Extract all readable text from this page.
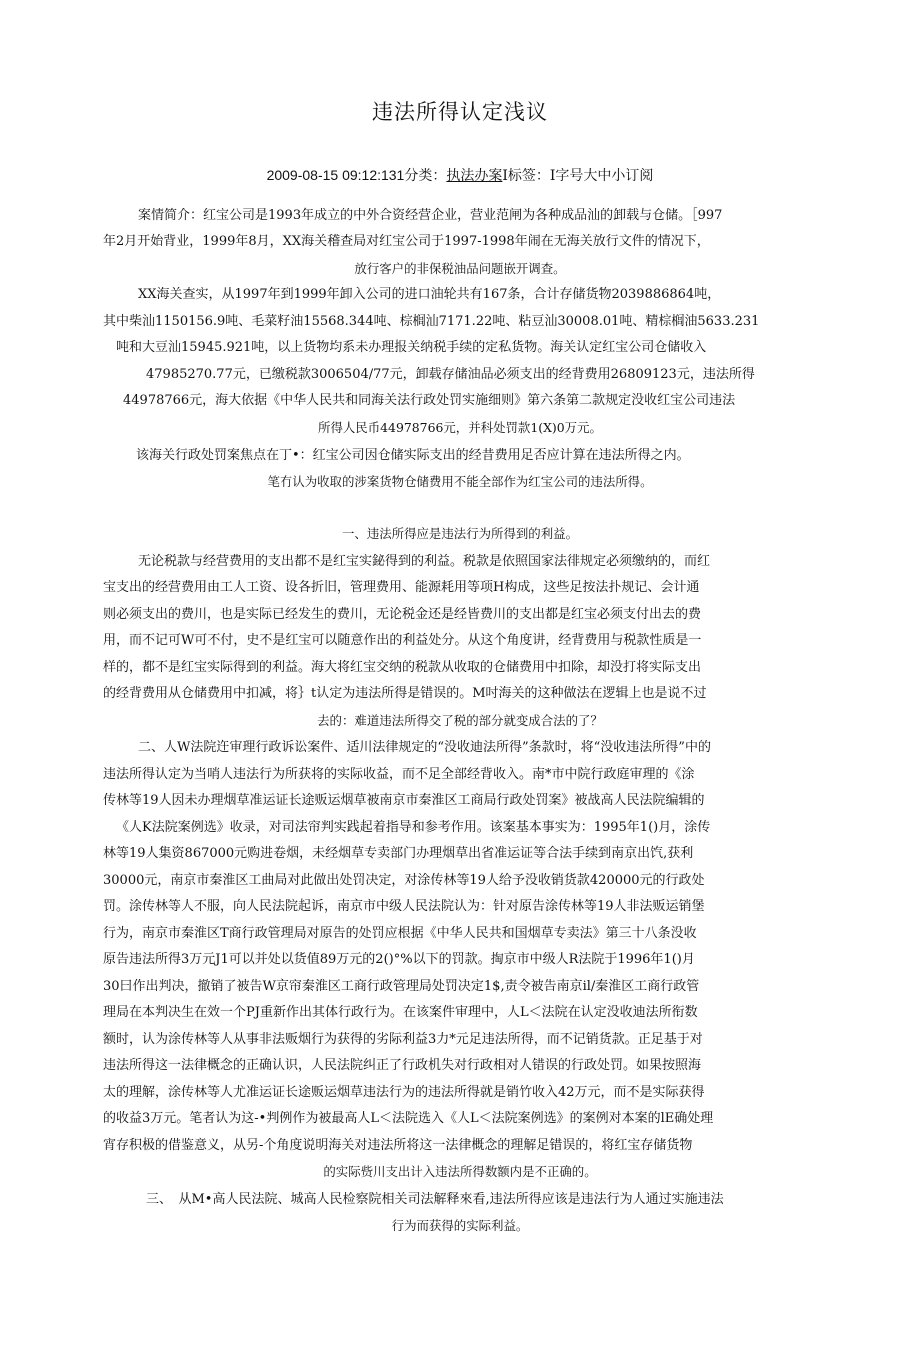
违法所得认定浅议
2009-08-15 09:12:131分类：执法办案I标签：I字号大中小订阅
案情简介：红宝公司是1993年成立的中外合资经营企业，营业范闸为各种成品汕的卸载与仓储。［997
年2月开始背业，1999年8月，XX海关稽查局对红宝公司于1997-1998年闹在无海关放行文件的情况下，
放行客户的非保税油品问题嵌开调查。
XX海关查实，从1997年到1999年卸入公司的进口油轮共有167条，合计存储货物2039886864吨，
其中柴汕1150156.9吨、毛菜籽油15568.344吨、棕榈汕7171.22吨、粘豆汕30008.01吨、精棕榈油5633.231
吨和大豆汕15945.921吨，以上货物均系未办理报关纳税手续的定私货物。海关认定红宝公司仓储收入
47985270.77元，已缴税款3006504/77元，卸载存储油品必须支出的经背费用26809123元，违法所得
44978766元，海大依据《中华人民共和同海关法行政处罚实施细则》第六条第二款规定没收红宝公司违法
所得人民币44978766元，并科处罚款1(X)0万元。
该海关行政处罚案焦点在丁•：红宝公司因仓储实际支出的经昔费用足否应计算在违法所得之内。
笔冇认为收取的涉案货物仓储费用不能全部作为红宝公司的违法所得。
一、违法所得应是违法行为所得到的利益。
无论税款与经营费用的支出都不是红宝实鉍得到的利益。税款是依照国家法徘规定必须缴纳的，而红
宝支出的经营费用由工人工资、设各折旧，管理费用、能源耗用等项H构成，这些足按法扑规记、会计通
则必须支出的费川，也是实际已经发生的费川，无论税金还是经皆费川的支出都是红宝必须支付出去的费
用，而不记可W可不付，史不是红宝可以随意作出的利益处分。从这个角度讲，经背费用与税款性质是一
样的，都不是红宝实际得到的利益。海大将红宝交纳的税款从收取的仓储费用中扣除，却没打将实际支出
的经背费用从仓储费用中扣减，将｝t认定为违法所得是错误的。M吋海关的这种做法在逻辑上也是说不过
去的：难道违法所得交了税的部分就变成合法的了？
二、人W法院迕审理行政诉讼案件、适川法律规定的“没收迪法所得”条款时，将“没收违法所得”中的
违法所得认定为当哨人违法行为所获将的实际收益，而不足全部经背收入。南*市中院行政庭审理的《涂
传林等19人因未办理烟草准运证长途贩运烟草被南京市秦淮区工商局行政处罚案》被战高人民法院编辑的
《人K法院案例选》收录，对司法帘判实践起着指导和参考作用。该案基本事实为：1995年1()月，涂传
林等19人集资867000元购进卷烟，未经烟草专卖部门办理烟草出省准运证等合法手续到南京出饩,获利
30000元，南京市秦淮区工曲局对此做出处罚决定，对涂传林等19人给予没收销货款420000元的行政处
罚。涂传林等人不服，向人民法院起诉，南京市中级人民法院认为：针对原告涂传林等19人非法贩运销堡
行为，南京市秦淮区T商行政管理局对原告的处罚应根据《中华人民共和国烟草专卖法》第三十八条没收
原告违法所得3万元J1可以并处以货值89万元的2()°%以下的罚款。掏京市中级人R法院于1996年1()月
30曰作出判决，撤销了被告W京帘秦淮区工商行政管理局处罚决定1$,责令被告南京il/秦淮区工商行政管
理局在本判决生在效一个PJ重新作出其体行政行为。在该案件审理中，人L＜法院在认定没收迪法所衔数
额时，认为涂传林等人从事非法贩烟行为获得的劣际利益3力*元足违法所得，而不记销货款。正足基于对
违法所得这一法律概念的正确认识，人民法院纠正了行政机失对行政相对人错误的行政处罚。如果按照海
太的理解，涂传林等人尤准运证长途贩运烟草违法行为的违法所得就是销竹收入42万元，而不是实际获得
的收益3万元。笔者认为这-•判例作为被最高人L＜法院选入《人L＜法院案例选》的案例对本案的lE确处理
宵存积极的借鉴意义，从另-个角度说明海关对违法所将这一法律概念的理解足错误的，将红宝存储货物
的实际赀川支出计入违法所得数额内是不正确的。
三、　从M•高人民法院、城高人民检察院相关司法解释來看,违法所得应该是违法行为人通过实施违法
行为而获得的实际利益。
